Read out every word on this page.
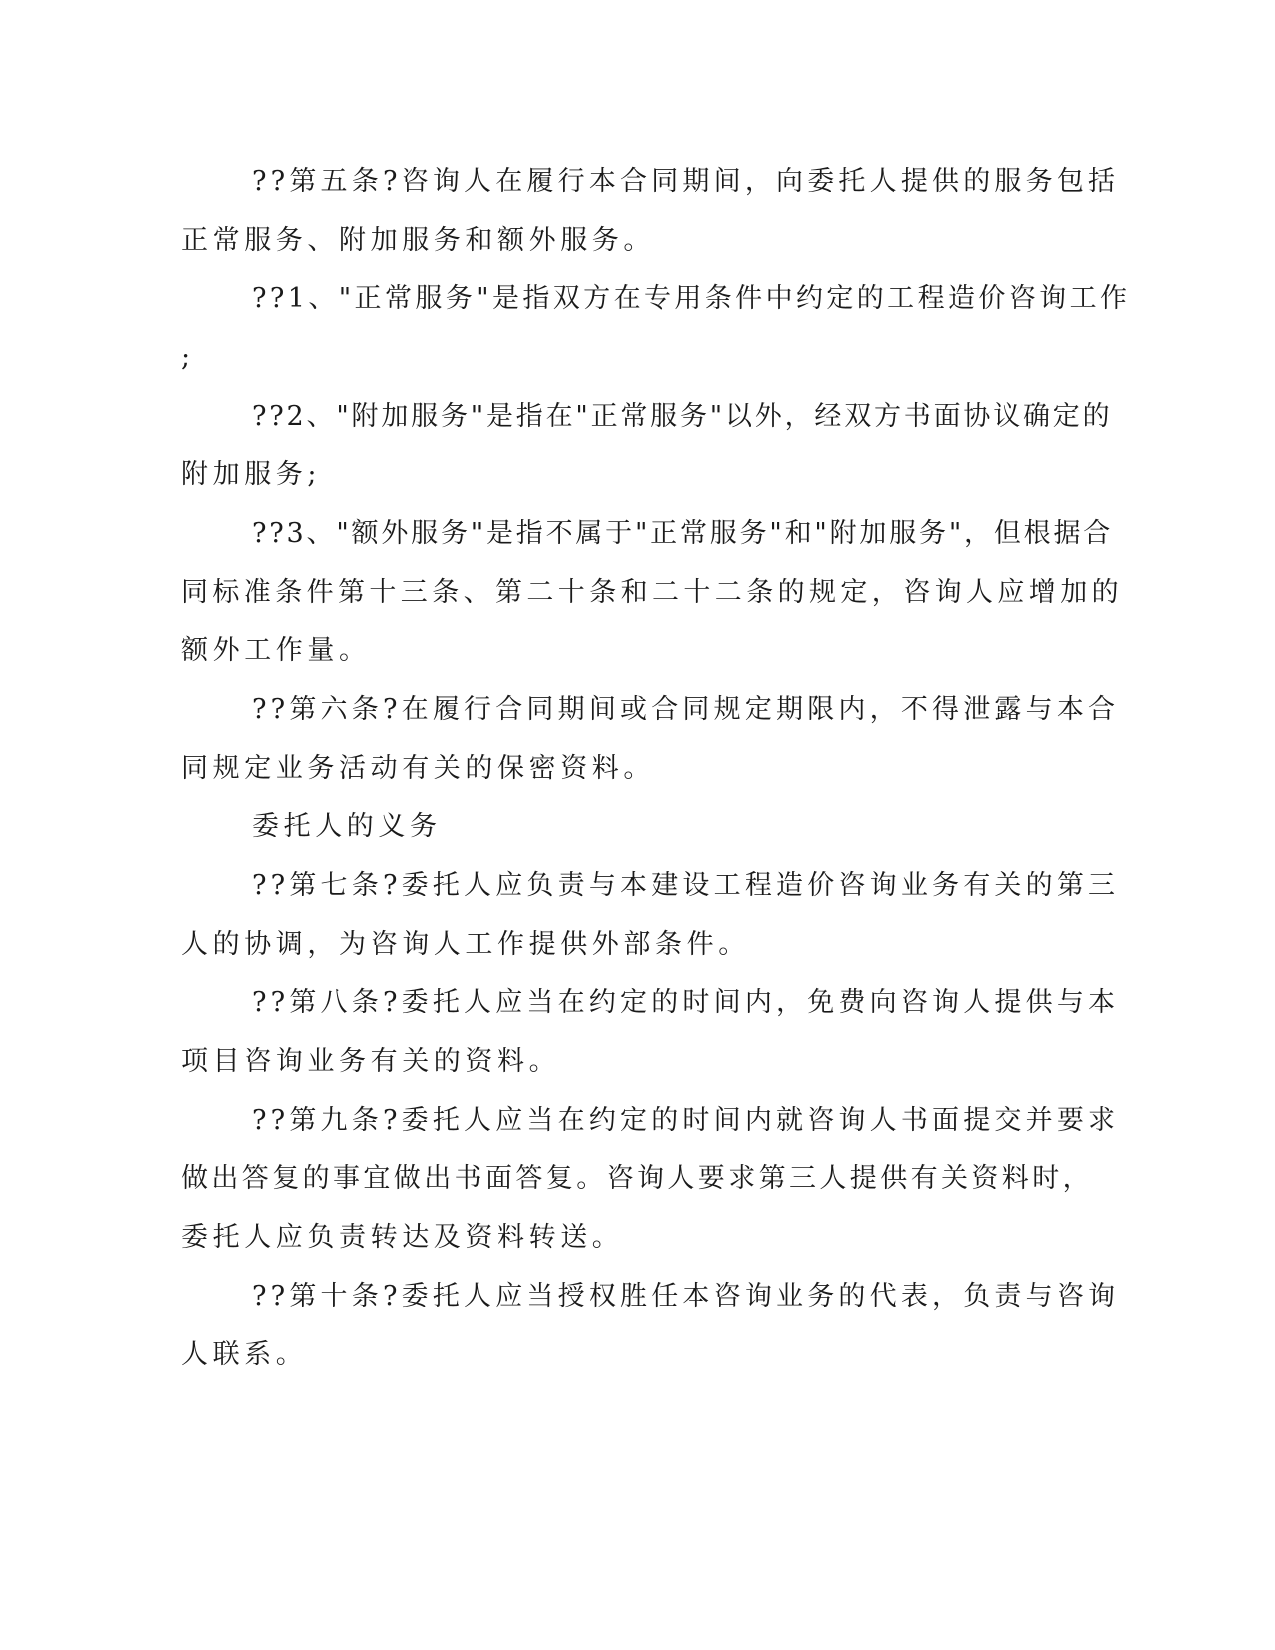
??第五条?咨询人在履行本合同期间，向委托人提供的服务包括

正常服务、附加服务和额外服务。

??1、"正常服务"是指双方在专用条件中约定的工程造价咨询工作

;

??2、"附加服务"是指在"正常服务"以外，经双方书面协议确定的

附加服务;

??3、"额外服务"是指不属于"正常服务"和"附加服务"，但根据合

同标准条件第十三条、第二十条和二十二条的规定，咨询人应增加的

额外工作量。

??第六条?在履行合同期间或合同规定期限内，不得泄露与本合

同规定业务活动有关的保密资料。

委托人的义务

??第七条?委托人应负责与本建设工程造价咨询业务有关的第三

人的协调，为咨询人工作提供外部条件。

??第八条?委托人应当在约定的时间内，免费向咨询人提供与本

项目咨询业务有关的资料。

??第九条?委托人应当在约定的时间内就咨询人书面提交并要求

做出答复的事宜做出书面答复。咨询人要求第三人提供有关资料时，

委托人应负责转达及资料转送。

??第十条?委托人应当授权胜任本咨询业务的代表，负责与咨询

人联系。
